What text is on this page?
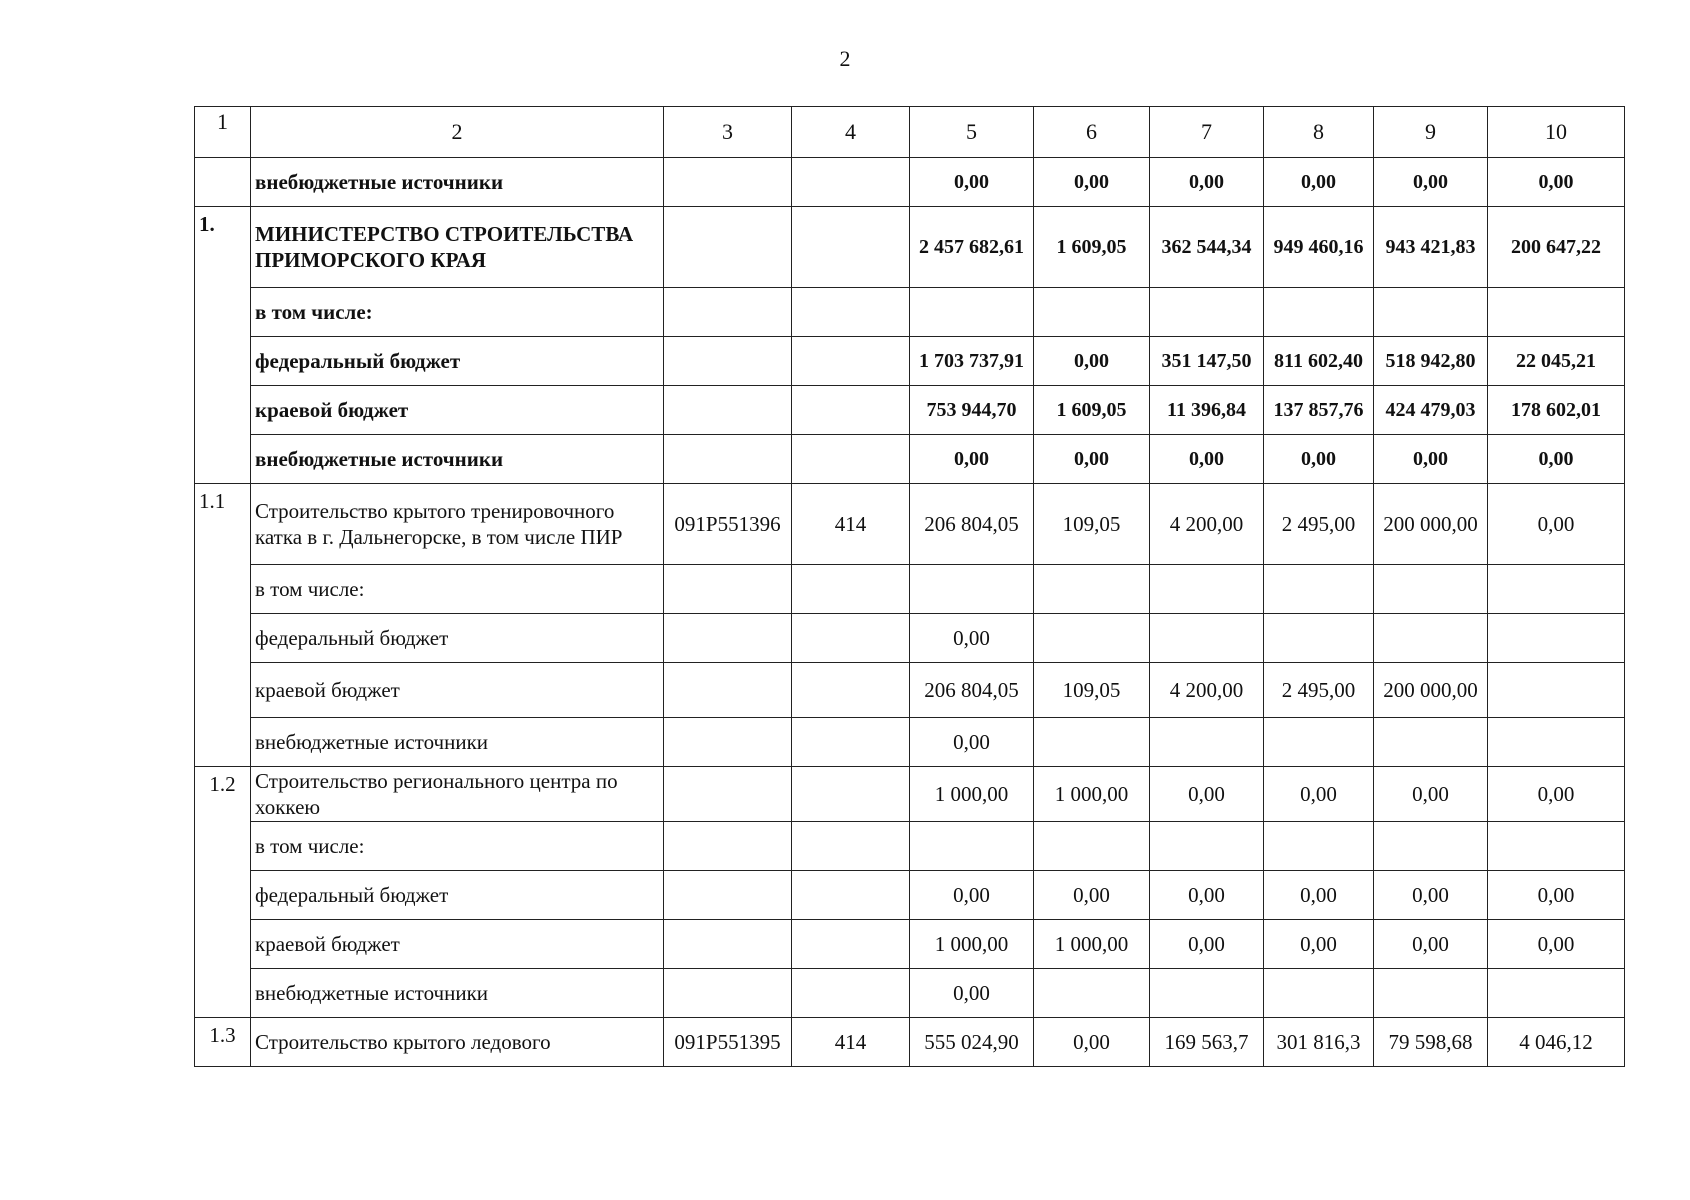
2
1	2	3	4	5	6	7	8	9	10
	внебюджетные источники			0,00	0,00	0,00	0,00	0,00	0,00
1.	МИНИСТЕРСТВО СТРОИТЕЛЬСТВА ПРИМОРСКОГО КРАЯ			2 457 682,61	1 609,05	362 544,34	949 460,16	943 421,83	200 647,22
	в том числе:								
	федеральный бюджет			1 703 737,91	0,00	351 147,50	811 602,40	518 942,80	22 045,21
	краевой бюджет			753 944,70	1 609,05	11 396,84	137 857,76	424 479,03	178 602,01
	внебюджетные источники			0,00	0,00	0,00	0,00	0,00	0,00
1.1	Строительство крытого тренировочного катка в г. Дальнегорске, в том числе ПИР	091P551396	414	206 804,05	109,05	4 200,00	2 495,00	200 000,00	0,00
	в том числе:								
	федеральный бюджет			0,00					
	краевой бюджет			206 804,05	109,05	4 200,00	2 495,00	200 000,00	
	внебюджетные источники			0,00					
1.2	Строительство регионального центра по хоккею			1 000,00	1 000,00	0,00	0,00	0,00	0,00
	в том числе:								
	федеральный бюджет			0,00	0,00	0,00	0,00	0,00	0,00
	краевой бюджет			1 000,00	1 000,00	0,00	0,00	0,00	0,00
	внебюджетные источники			0,00					
1.3	Строительство крытого ледового	091P551395	414	555 024,90	0,00	169 563,7	301 816,3	79 598,68	4 046,12
